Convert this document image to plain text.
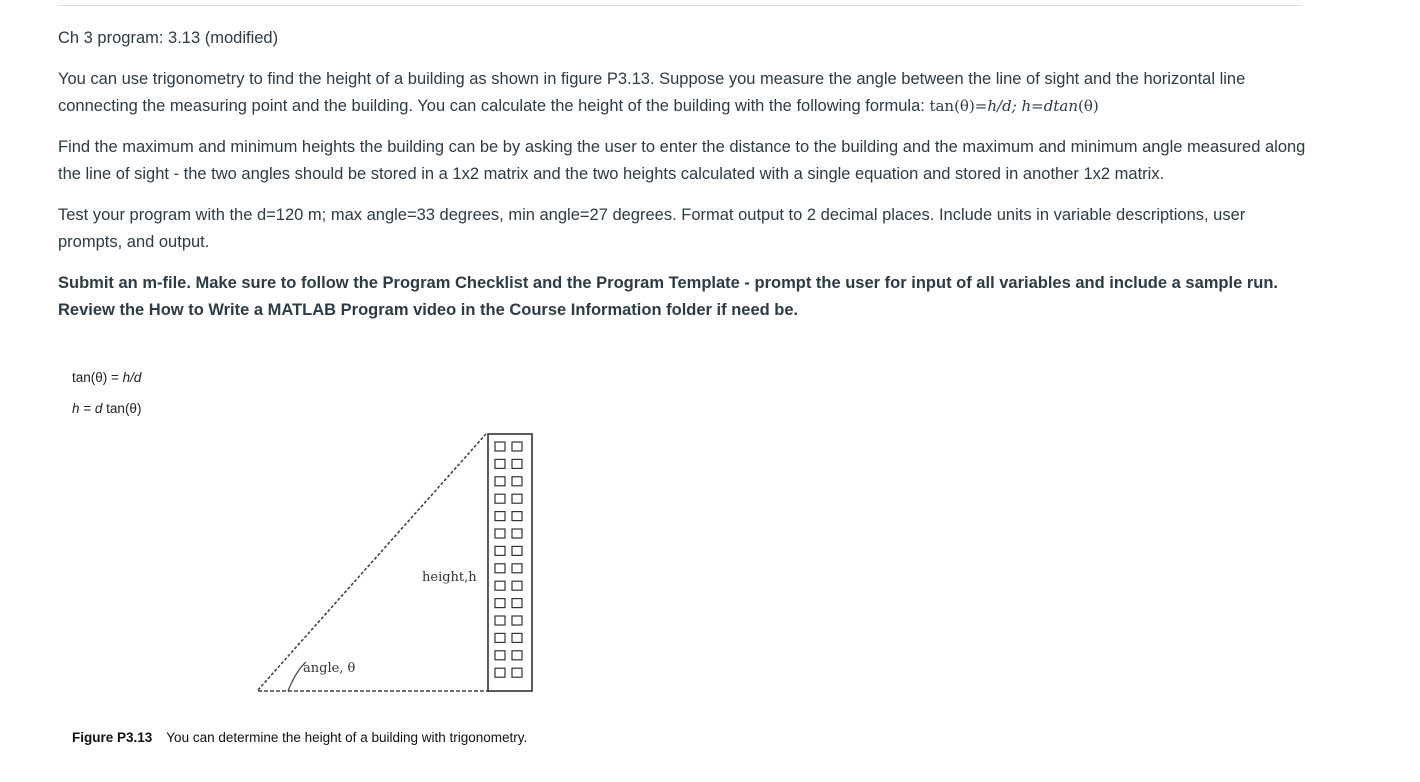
Ch 3 program: 3.13 (modified)

You can use trigonometry to find the height of a building as shown in figure P3.13. Suppose you measure the angle between the line of sight and the horizontal line connecting the measuring point and the building. You can calculate the height of the building with the following formula: tan(θ)=h/d; h=dtan(θ)

Find the maximum and minimum heights the building can be by asking the user to enter the distance to the building and the maximum and minimum angle measured along the line of sight - the two angles should be stored in a 1x2 matrix and the two heights calculated with a single equation and stored in another 1x2 matrix.

Test your program with the d=120 m; max angle=33 degrees, min angle=27 degrees. Format output to 2 decimal places. Include units in variable descriptions, user prompts, and output.

Submit an m-file. Make sure to follow the Program Checklist and the Program Template - prompt the user for input of all variables and include a sample run. Review the How to Write a MATLAB Program video in the Course Information folder if need be.

tan(θ) = h/d
h = d tan(θ)
height,h
angle, θ
Figure P3.13 You can determine the height of a building with trigonometry.
